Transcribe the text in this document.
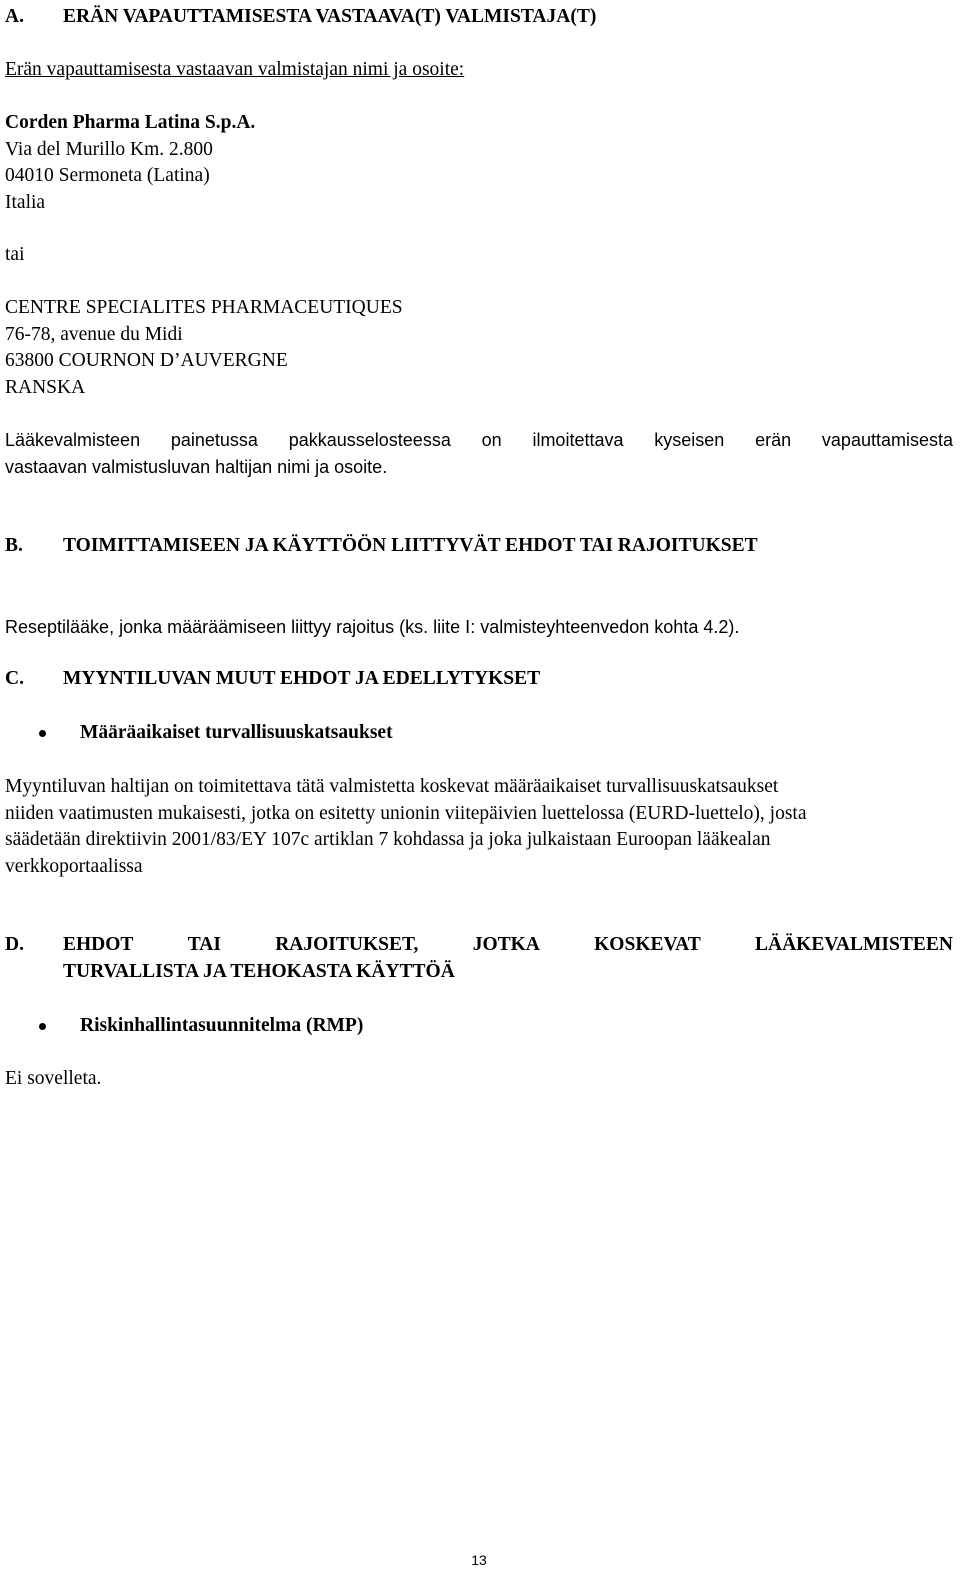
A.	ERÄN VAPAUTTAMISESTA VASTAAVA(T) VALMISTAJA(T)
Erän vapauttamisesta vastaavan valmistajan nimi ja osoite:
Corden Pharma Latina S.p.A.
Via del Murillo Km. 2.800
04010 Sermoneta (Latina)
Italia
tai
CENTRE SPECIALITES PHARMACEUTIQUES
76-78, avenue du Midi
63800 COURNON D’AUVERGNE
RANSKA
Lääkevalmisteen painetussa pakkausselosteessa on ilmoitettava kyseisen erän vapauttamisesta
vastaavan valmistusluvan haltijan nimi ja osoite.
B.	TOIMITTAMISEEN JA KÄYTTÖÖN LIITTYVÄT EHDOT TAI RAJOITUKSET
Reseptilääke, jonka määräämiseen liittyy rajoitus (ks. liite I: valmisteyhteenvedon kohta 4.2).
C.	MYYNTILUVAN MUUT EHDOT JA EDELLYTYKSET
Määräaikaiset turvallisuuskatsaukset
Myyntiluvan haltijan on toimitettava tätä valmistetta koskevat määräaikaiset turvallisuuskatsaukset
niiden vaatimusten mukaisesti, jotka on esitetty unionin viitepäivien luettelossa (EURD-luettelo), josta
säädetään direktiivin 2001/83/EY 107c artiklan 7 kohdassa ja joka julkaistaan Euroopan lääkealan
verkkoportaalissa
D.	EHDOT	TAI	RAJOITUKSET,	JOTKA	KOSKEVAT	LÄÄKEVALMISTEEN
TURVALLISTA JA TEHOKASTA KÄYTTÖÄ
Riskinhallintasuunnitelma (RMP)
Ei sovelleta.
13
